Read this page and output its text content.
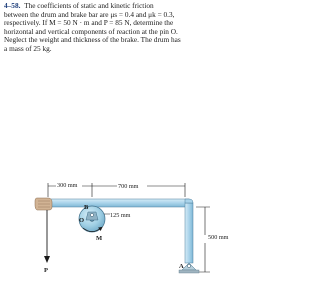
4–58. The coefficients of static and kinetic friction
between the drum and brake bar are μs = 0.4 and μk = 0.3,
respectively. If M = 50 N · m and P = 85 N, determine the
horizontal and vertical components of reaction at the pin O.
Neglect the weight and thickness of the brake. The drum has
a mass of 25 kg.
300 mm	700 mm
M
B
O
125 mm
P
500 mm
A
